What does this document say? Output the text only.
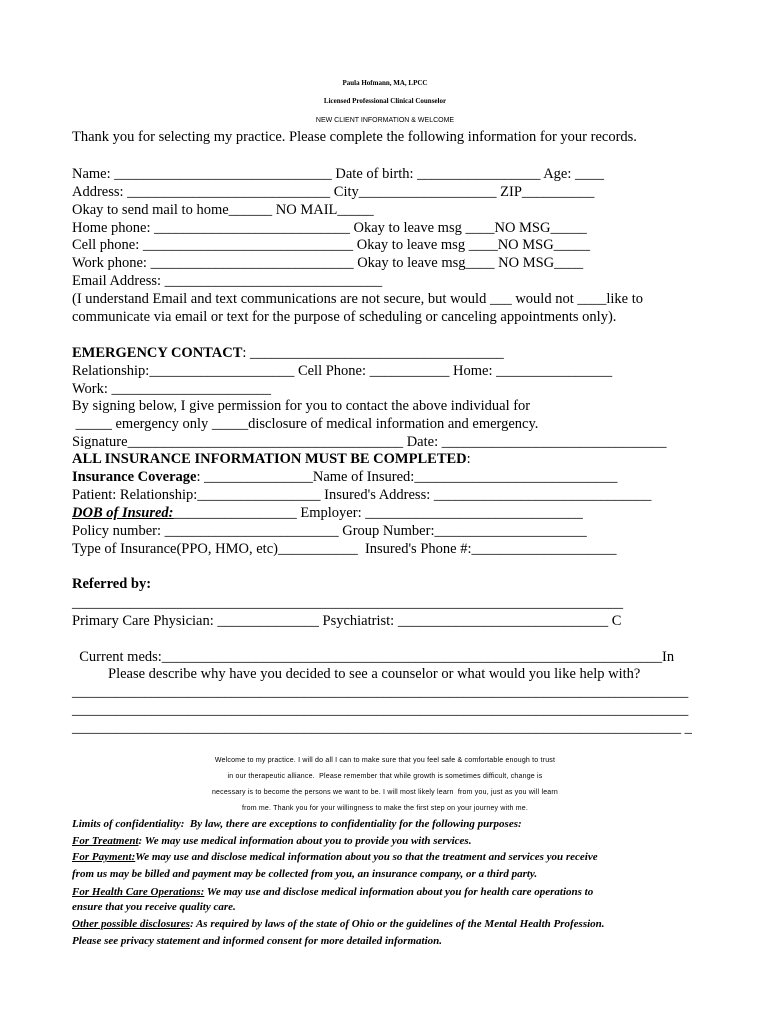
Paula Hofmann, MA, LPCC
Licensed Professional Clinical Counselor
NEW CLIENT INFORMATION & WELCOME
Thank you for selecting my practice. Please complete the following information for your records.
Name: ______________________________ Date of birth: _________________ Age: ____
Address: ____________________________ City___________________ ZIP__________
Okay to send mail to home______ NO MAIL_____
Home phone: ___________________________ Okay to leave msg ____NO MSG_____
Cell phone: _____________________________ Okay to leave msg ____NO MSG_____
Work phone: ____________________________ Okay to leave msg____ NO MSG____
Email Address: ______________________________
(I understand Email and text communications are not secure, but would ___ would not ____like to
communicate via email or text for the purpose of scheduling or canceling appointments only).
EMERGENCY CONTACT: ___________________________________
Relationship:____________________ Cell Phone: ___________ Home: ________________
Work: ______________________
By signing below, I give permission for you to contact the above individual for
_____ emergency only _____disclosure of medical information and emergency.
Signature______________________________________ Date: _______________________________
ALL INSURANCE INFORMATION MUST BE COMPLETED:
Insurance Coverage: _______________Name of Insured:____________________________
Patient: Relationship:_________________ Insured's Address: ______________________________
DOB of Insured:_________________ Employer: ______________________________
Policy number: ________________________ Group Number:_____________________
Type of Insurance(PPO, HMO, etc)___________  Insured's Phone #:____________________
Referred by:
____________________________________________________________________________
Primary Care Physician: ______________ Psychiatrist: _____________________________ C
Current meds:_____________________________________________________________________In
Please describe why have you decided to see a counselor or what would you like help with?
_____________________________________________________________________________________
_____________________________________________________________________________________
____________________________________________________________________________________ _
Welcome to my practice. I will do all I can to make sure that you feel safe & comfortable enough to trust
in our therapeutic alliance.  Please remember that while growth is sometimes difficult, change is
necessary is to become the persons we want to be. I will most likely learn  from you, just as you will learn
from me. Thank you for your willingness to make the first step on your journey with me.
Limits of confidentiality:  By law, there are exceptions to confidentiality for the following purposes:
For Treatment: We may use medical information about you to provide you with services.
For Payment:We may use and disclose medical information about you so that the treatment and services you receive
from us may be billed and payment may be collected from you, an insurance company, or a third party.
For Health Care Operations: We may use and disclose medical information about you for health care operations to
ensure that you receive quality care.
Other possible disclosures: As required by laws of the state of Ohio or the guidelines of the Mental Health Profession.
Please see privacy statement and informed consent for more detailed information.
